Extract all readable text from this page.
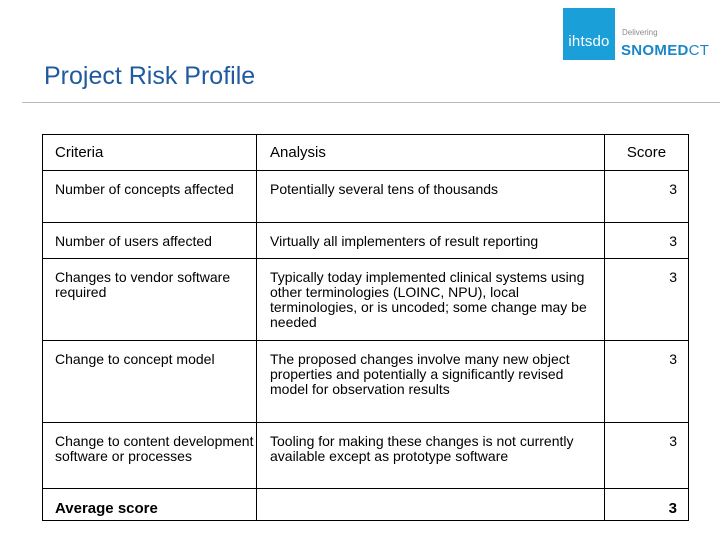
ihtsdo
Delivering
SNOMEDCT
Project Risk Profile
Criteria	Analysis	Score
Number of concepts affected	Potentially several tens of thousands	3
Number of users affected	Virtually all implementers of result reporting	3
Changes to vendor software required	Typically today implemented clinical systems using other terminologies (LOINC, NPU), local terminologies, or is uncoded; some change may be needed	3
Change to concept model	The proposed changes involve many new object properties and potentially a significantly revised model for observation results	3
Change to content development software or processes	Tooling for making these changes is not currently available except as prototype software	3
Average score		3
